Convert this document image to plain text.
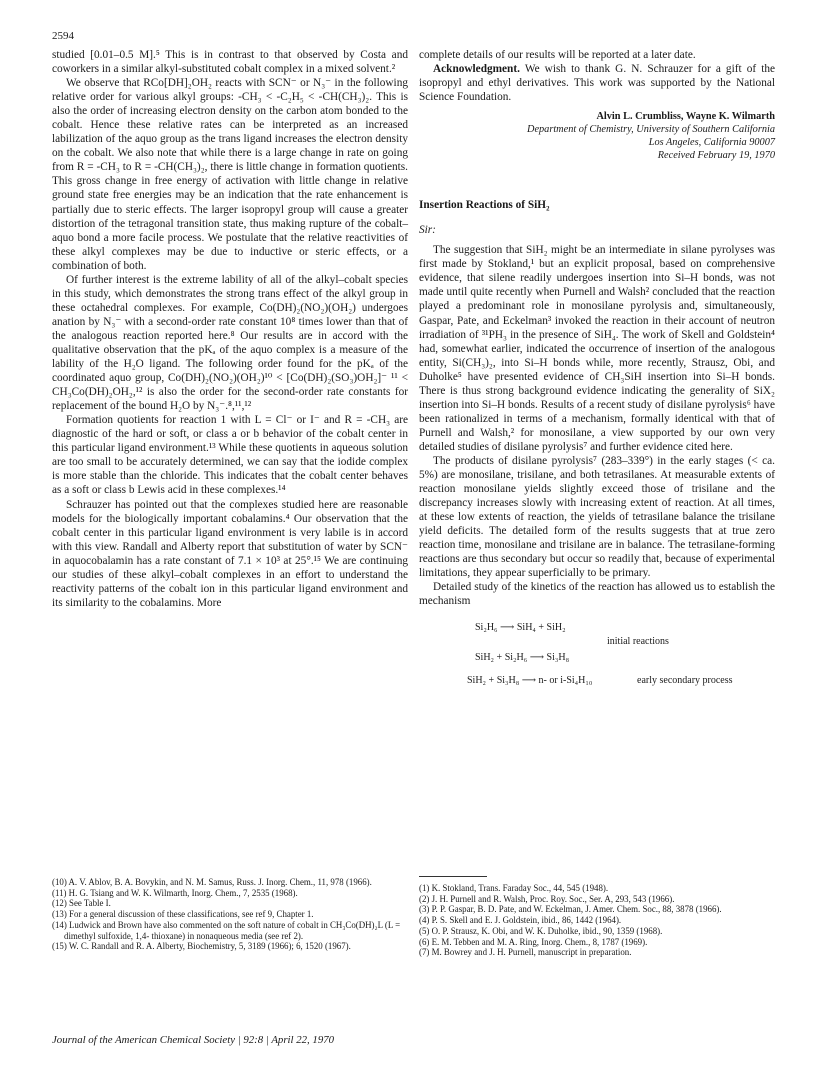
2594

studied [0.01–0.5 M].⁵ This is in contrast to that observed by Costa and coworkers in a similar alkyl-substituted cobalt complex in a mixed solvent.²

We observe that RCo[DH]₂OH₂ reacts with SCN⁻ or N₃⁻ in the following relative order for various alkyl groups: -CH₃ < -C₂H₅ < -CH(CH₃)₂. This is also the order of increasing electron density on the carbon atom bonded to the cobalt. Hence these relative rates can be interpreted as an increased labilization of the aquo group as the trans ligand increases the electron density on the cobalt. We also note that while there is a large change in rate on going from R = -CH₃ to R = -CH(CH₃)₂, there is little change in formation quotients. This gross change in free energy of activation with little change in relative ground state free energies may be an indication that the rate enhancement is partially due to steric effects. The larger isopropyl group will cause a greater distortion of the tetragonal transition state, thus making rupture of the cobalt–aquo bond a more facile process. We postulate that the relative reactivities of these alkyl complexes may be due to inductive or steric effects, or a combination of both.

Of further interest is the extreme lability of all of the alkyl–cobalt species in this study, which demonstrates the strong trans effect of the alkyl group in these octahedral complexes. For example, Co(DH)₂(NO₂)(OH₂) undergoes anation by N₃⁻ with a second-order rate constant 10⁸ times lower than that of the analogous reaction reported here.⁸ Our results are in accord with the qualitative observation that the pKₐ of the aquo complex is a measure of the lability of the H₂O ligand. The following order found for the pKₐ of the coordinated aquo group, Co(DH)₂(NO₂)(OH₂)¹⁰ < [Co(DH)₂(SO₃)OH₂]⁻ ¹¹ < CH₃Co(DH)₂OH₂,¹² is also the order for the second-order rate constants for replacement of the bound H₂O by N₃⁻.⁸,¹¹,¹²

Formation quotients for reaction 1 with L = Cl⁻ or I⁻ and R = -CH₃ are diagnostic of the hard or soft, or class a or b behavior of the cobalt center in this particular ligand environment.¹³ While these quotients in aqueous solution are too small to be accurately determined, we can say that the iodide complex is more stable than the chloride. This indicates that the cobalt center behaves as a soft or class b Lewis acid in these complexes.¹⁴

Schrauzer has pointed out that the complexes studied here are reasonable models for the biologically important cobalamins.⁴ Our observation that the cobalt center in this particular ligand environment is very labile is in accord with this view. Randall and Alberty report that substitution of water by SCN⁻ in aquocobalamin has a rate constant of 7.1 × 10³ at 25°.¹⁵ We are continuing our studies of these alkyl–cobalt complexes in an effort to understand the reactivity patterns of the cobalt ion in this particular ligand environment and its similarity to the cobalamins. More

(10) A. V. Ablov, B. A. Bovykin, and N. M. Samus, Russ. J. Inorg. Chem., 11, 978 (1966).
(11) H. G. Tsiang and W. K. Wilmarth, Inorg. Chem., 7, 2535 (1968).
(12) See Table I.
(13) For a general discussion of these classifications, see ref 9, Chapter 1.
(14) Ludwick and Brown have also commented on the soft nature of cobalt in CH₃Co(DH)₂L (L = dimethyl sulfoxide, 1,4- thioxane) in nonaqueous media (see ref 2).
(15) W. C. Randall and R. A. Alberty, Biochemistry, 5, 3189 (1966); 6, 1520 (1967).

complete details of our results will be reported at a later date.

Acknowledgment. We wish to thank G. N. Schrauzer for a gift of the isopropyl and ethyl derivatives. This work was supported by the National Science Foundation.

Alvin L. Crumbliss, Wayne K. Wilmarth
Department of Chemistry, University of Southern California
Los Angeles, California 90007
Received February 19, 1970
Insertion Reactions of SiH₂
Sir:

The suggestion that SiH₂ might be an intermediate in silane pyrolyses was first made by Stokland,¹ but an explicit proposal, based on comprehensive evidence, that silene readily undergoes insertion into Si–H bonds, was not made until quite recently when Purnell and Walsh² concluded that the reaction played a predominant role in monosilane pyrolysis and, simultaneously, Gaspar, Pate, and Eckelman³ invoked the reaction in their account of neutron irradiation of ³¹PH₃ in the presence of SiH₄. The work of Skell and Goldstein⁴ had, somewhat earlier, indicated the occurrence of insertion of the analogous entity, Si(CH₃)₂, into Si–H bonds while, more recently, Strausz, Obi, and Duholke⁵ have presented evidence of CH₃SiH insertion into Si–H bonds. There is thus strong background evidence indicating the generality of SiX₂ insertion into Si–H bonds. Results of a recent study of disilane pyrolysis⁶ have been rationalized in terms of a mechanism, formally identical with that of Purnell and Walsh,² for monosilane, a view supported by our own very detailed studies of disilane pyrolysis⁷ and further evidence cited here.

The products of disilane pyrolysis⁷ (283–339°) in the early stages (< ca. 5%) are monosilane, trisilane, and both tetrasilanes. At measurable extents of reaction monosilane yields slightly exceed those of trisilane and the discrepancy increases slowly with increasing extent of reaction. At all times, at these low extents of reaction, the yields of tetrasilane balance the trisilane yield deficits. The detailed form of the results suggests that at true zero reaction time, monosilane and trisilane are in balance. The tetrasilane-forming reactions are thus secondary but occur so readily that, because of experimental limitations, they appear superficially to be primary.

Detailed study of the kinetics of the reaction has allowed us to establish the mechanism

Si₂H₆ ⟶ SiH₄ + SiH₂
initial reactions
SiH₂ + Si₂H₆ ⟶ Si₃H₈
SiH₂ + Si₃H₈ ⟶ n- or i-Si₄H₁₀	early secondary process
(1) K. Stokland, Trans. Faraday Soc., 44, 545 (1948).
(2) J. H. Purnell and R. Walsh, Proc. Roy. Soc., Ser. A, 293, 543 (1966).
(3) P. P. Gaspar, B. D. Pate, and W. Eckelman, J. Amer. Chem. Soc., 88, 3878 (1966).
(4) P. S. Skell and E. J. Goldstein, ibid., 86, 1442 (1964).
(5) O. P. Strausz, K. Obi, and W. K. Duholke, ibid., 90, 1359 (1968).
(6) E. M. Tebben and M. A. Ring, Inorg. Chem., 8, 1787 (1969).
(7) M. Bowrey and J. H. Purnell, manuscript in preparation.
Journal of the American Chemical Society | 92:8 | April 22, 1970
